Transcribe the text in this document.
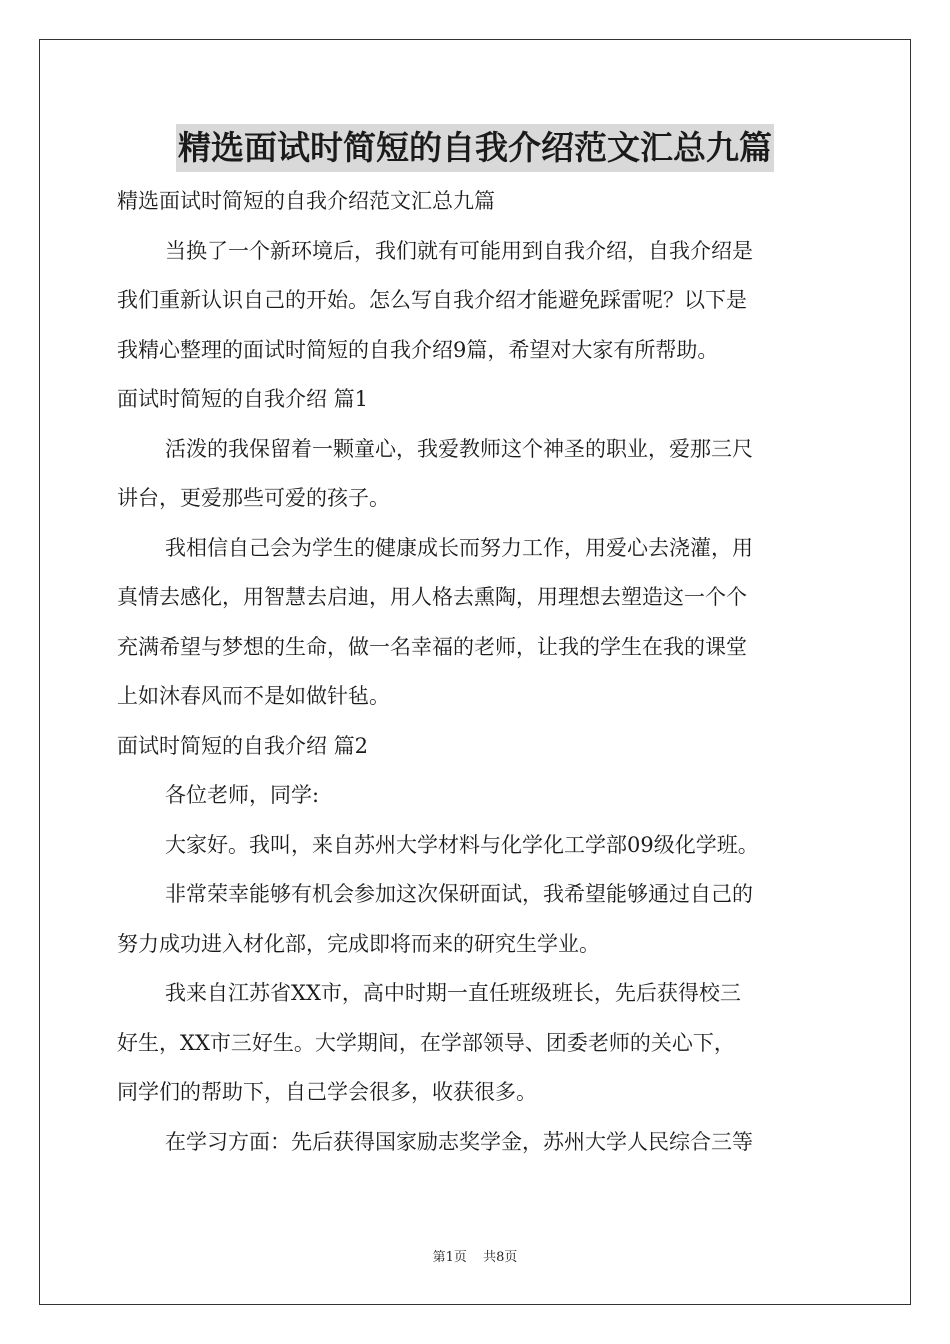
精选面试时简短的自我介绍范文汇总九篇

精选面试时简短的自我介绍范文汇总九篇

当换了一个新环境后，我们就有可能用到自我介绍，自我介绍是

我们重新认识自己的开始。怎么写自我介绍才能避免踩雷呢？以下是

我精心整理的面试时简短的自我介绍9篇，希望对大家有所帮助。

面试时简短的自我介绍 篇1

活泼的我保留着一颗童心，我爱教师这个神圣的职业，爱那三尺

讲台，更爱那些可爱的孩子。

我相信自己会为学生的健康成长而努力工作，用爱心去浇灌，用

真情去感化，用智慧去启迪，用人格去熏陶，用理想去塑造这一个个

充满希望与梦想的生命，做一名幸福的老师，让我的学生在我的课堂

上如沐春风而不是如做针毡。

面试时简短的自我介绍 篇2

各位老师，同学:

大家好。我叫，来自苏州大学材料与化学化工学部09级化学班。

非常荣幸能够有机会参加这次保研面试，我希望能够通过自己的

努力成功进入材化部，完成即将而来的研究生学业。

我来自江苏省XX市，高中时期一直任班级班长，先后获得校三

好生，XX市三好生。大学期间，在学部领导、团委老师的关心下，

同学们的帮助下，自己学会很多，收获很多。

在学习方面：先后获得国家励志奖学金，苏州大学人民综合三等

第1页 共8页
